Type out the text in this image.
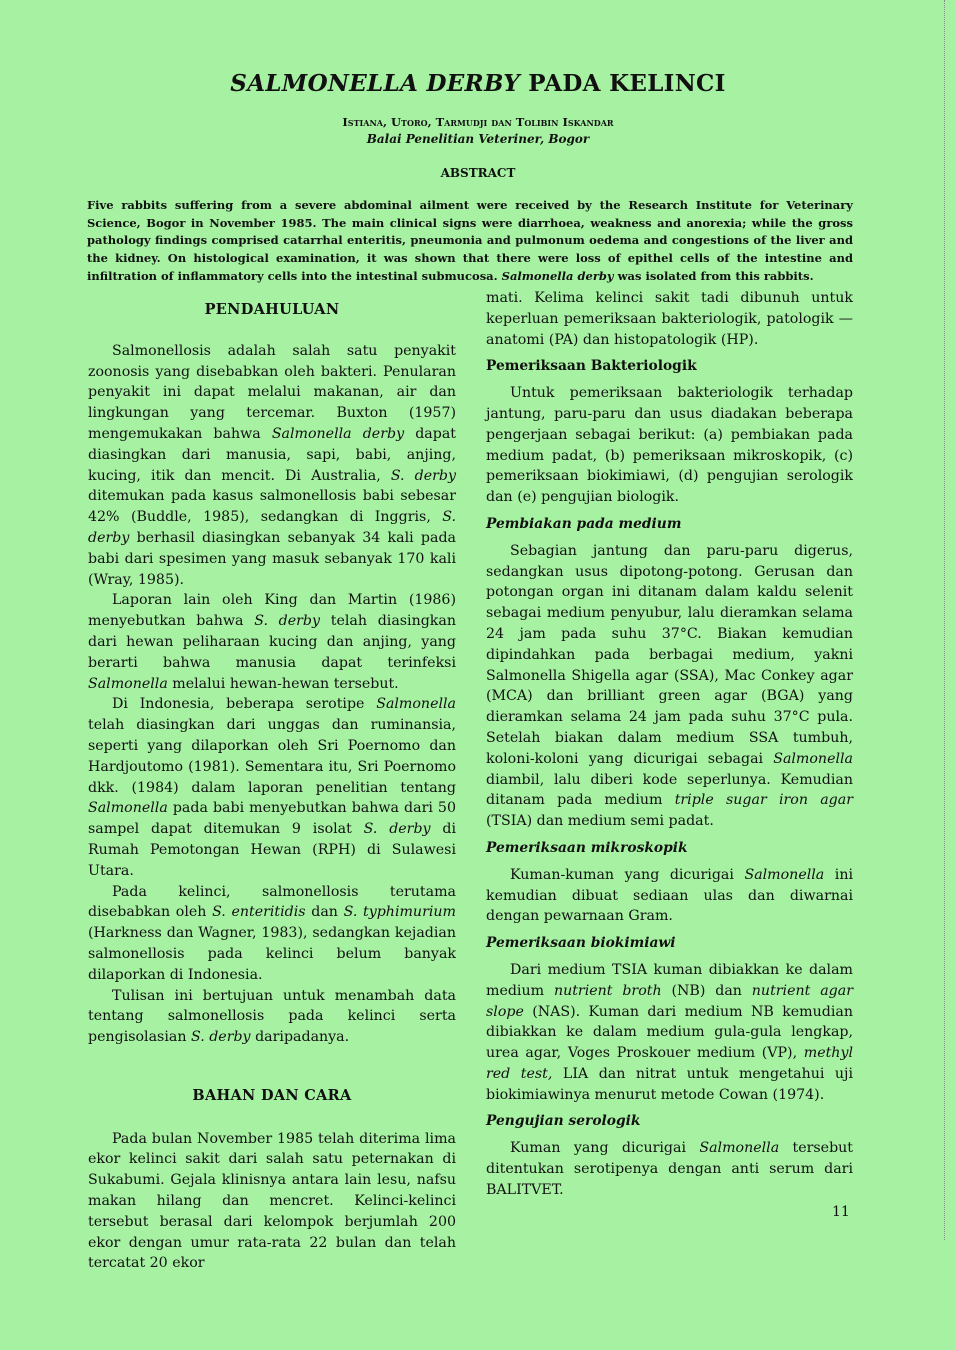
SALMONELLA DERBY PADA KELINCI
Istiana, Utoro, Tarmudji dan Tolibin Iskandar
Balai Penelitian Veteriner, Bogor
ABSTRACT
Five rabbits suffering from a severe abdominal ailment were received by the Research Institute for Veterinary Science, Bogor in November 1985. The main clinical signs were diarrhoea, weakness and anorexia; while the gross pathology findings comprised catarrhal enteritis, pneumonia and pulmonum oedema and congestions of the liver and the kidney. On histological examination, it was shown that there were loss of epithel cells of the intestine and infiltration of inflammatory cells into the intestinal submucosa. Salmonella derby was isolated from this rabbits.
PENDAHULUAN

Salmonellosis adalah salah satu penyakit zoonosis yang disebabkan oleh bakteri. Penularan penyakit ini dapat melalui makanan, air dan lingkungan yang tercemar. Buxton (1957) mengemukakan bahwa Salmonella derby dapat diasingkan dari manusia, sapi, babi, anjing, kucing, itik dan mencit. Di Australia, S. derby ditemukan pada kasus salmonellosis babi sebesar 42% (Buddle, 1985), sedangkan di Inggris, S. derby berhasil diasingkan sebanyak 34 kali pada babi dari spesimen yang masuk sebanyak 170 kali (Wray, 1985).

Laporan lain oleh King dan Martin (1986) menyebutkan bahwa S. derby telah diasingkan dari hewan peliharaan kucing dan anjing, yang berarti bahwa manusia dapat terinfeksi Salmonella melalui hewan-hewan tersebut.

Di Indonesia, beberapa serotipe Salmonella telah diasingkan dari unggas dan ruminansia, seperti yang dilaporkan oleh Sri Poernomo dan Hardjoutomo (1981). Sementara itu, Sri Poernomo dkk. (1984) dalam laporan penelitian tentang Salmonella pada babi menyebutkan bahwa dari 50 sampel dapat ditemukan 9 isolat S. derby di Rumah Pemotongan Hewan (RPH) di Sulawesi Utara.

Pada kelinci, salmonellosis terutama disebabkan oleh S. enteritidis dan S. typhimurium (Harkness dan Wagner, 1983), sedangkan kejadian salmonellosis pada kelinci belum banyak dilaporkan di Indonesia.

Tulisan ini bertujuan untuk menambah data tentang salmonellosis pada kelinci serta pengisolasian S. derby daripadanya.

BAHAN DAN CARA

Pada bulan November 1985 telah diterima lima ekor kelinci sakit dari salah satu peternakan di Sukabumi. Gejala klinisnya antara lain lesu, nafsu makan hilang dan mencret. Kelinci-kelinci tersebut berasal dari kelompok berjumlah 200 ekor dengan umur rata-rata 22 bulan dan telah tercatat 20 ekor

mati. Kelima kelinci sakit tadi dibunuh untuk keperluan pemeriksaan bakteriologik, patologik — anatomi (PA) dan histopatologik (HP).

Pemeriksaan Bakteriologik

Untuk pemeriksaan bakteriologik terhadap jantung, paru-paru dan usus diadakan beberapa pengerjaan sebagai berikut: (a) pembiakan pada medium padat, (b) pemeriksaan mikroskopik, (c) pemeriksaan biokimiawi, (d) pengujian serologik dan (e) pengujian biologik.

Pembiakan pada medium

Sebagian jantung dan paru-paru digerus, sedangkan usus dipotong-potong. Gerusan dan potongan organ ini ditanam dalam kaldu selenit sebagai medium penyubur, lalu dieramkan selama 24 jam pada suhu 37°C. Biakan kemudian dipindahkan pada berbagai medium, yakni Salmonella Shigella agar (SSA), Mac Conkey agar (MCA) dan brilliant green agar (BGA) yang dieramkan selama 24 jam pada suhu 37°C pula. Setelah biakan dalam medium SSA tumbuh, koloni-koloni yang dicurigai sebagai Salmonella diambil, lalu diberi kode seperlunya. Kemudian ditanam pada medium triple sugar iron agar (TSIA) dan medium semi padat.

Pemeriksaan mikroskopik

Kuman-kuman yang dicurigai Salmonella ini kemudian dibuat sediaan ulas dan diwarnai dengan pewarnaan Gram.

Pemeriksaan biokimiawi

Dari medium TSIA kuman dibiakkan ke dalam medium nutrient broth (NB) dan nutrient agar slope (NAS). Kuman dari medium NB kemudian dibiakkan ke dalam medium gula-gula lengkap, urea agar, Voges Proskouer medium (VP), methyl red test, LIA dan nitrat untuk mengetahui uji biokimiawinya menurut metode Cowan (1974).

Pengujian serologik

Kuman yang dicurigai Salmonella tersebut ditentukan serotipenya dengan anti serum dari BALITVET.

11
